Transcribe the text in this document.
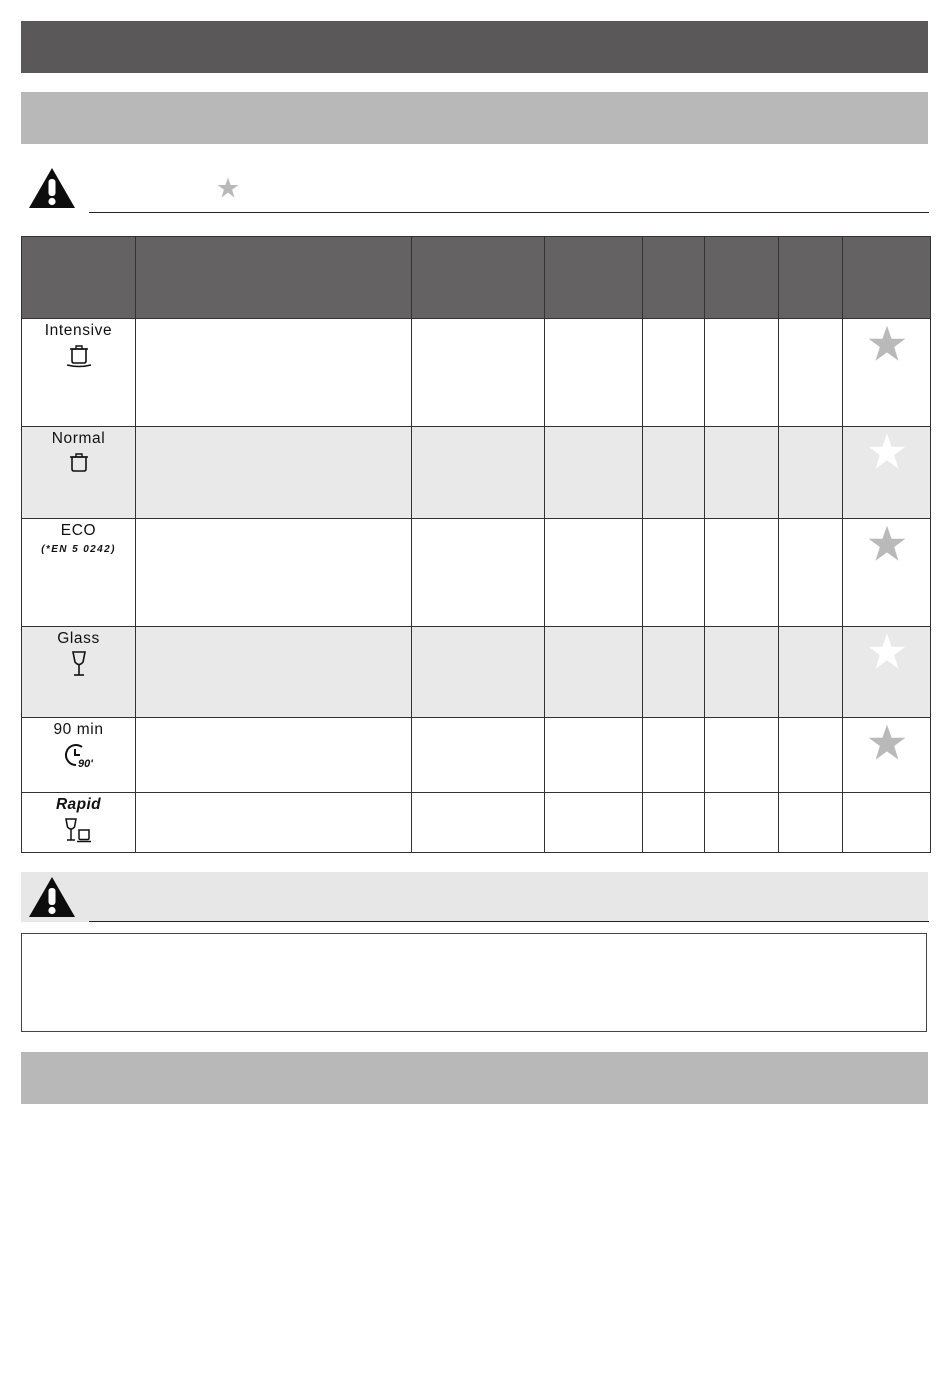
Intensive

Normal

ECO
(*EN 5 0242)

Glass

90 min
90'

Rapid							
